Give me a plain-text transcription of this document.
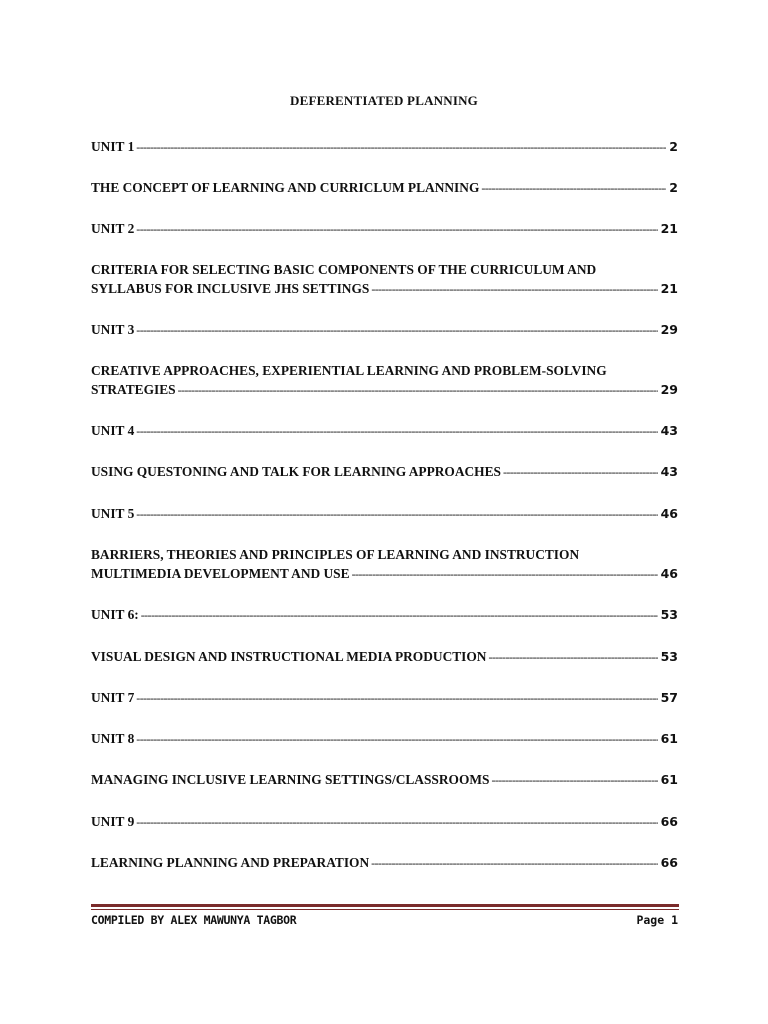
DEFERENTIATED PLANNING
UNIT 1 -----	2
THE CONCEPT OF LEARNING AND CURRICLUM PLANNING -----	2
UNIT 2 -----	21
CRITERIA FOR SELECTING BASIC COMPONENTS OF THE CURRICULUM AND
SYLLABUS FOR INCLUSIVE JHS SETTINGS -----	21
UNIT 3 -----	29
CREATIVE APPROACHES, EXPERIENTIAL LEARNING AND PROBLEM-SOLVING
STRATEGIES -----	29
UNIT 4 -----	43
USING QUESTONING AND TALK FOR LEARNING APPROACHES -----	43
UNIT 5 -----	46
BARRIERS, THEORIES AND PRINCIPLES OF LEARNING AND INSTRUCTION
MULTIMEDIA DEVELOPMENT AND USE -----	46
UNIT 6: -----	53
VISUAL DESIGN AND INSTRUCTIONAL MEDIA PRODUCTION -----	53
UNIT 7 -----	57
UNIT 8 -----	61
MANAGING INCLUSIVE LEARNING SETTINGS/CLASSROOMS -----	61
UNIT 9 -----	66
LEARNING PLANNING AND PREPARATION -----	66
COMPILED BY ALEX MAWUNYA TAGBOR	Page 1
